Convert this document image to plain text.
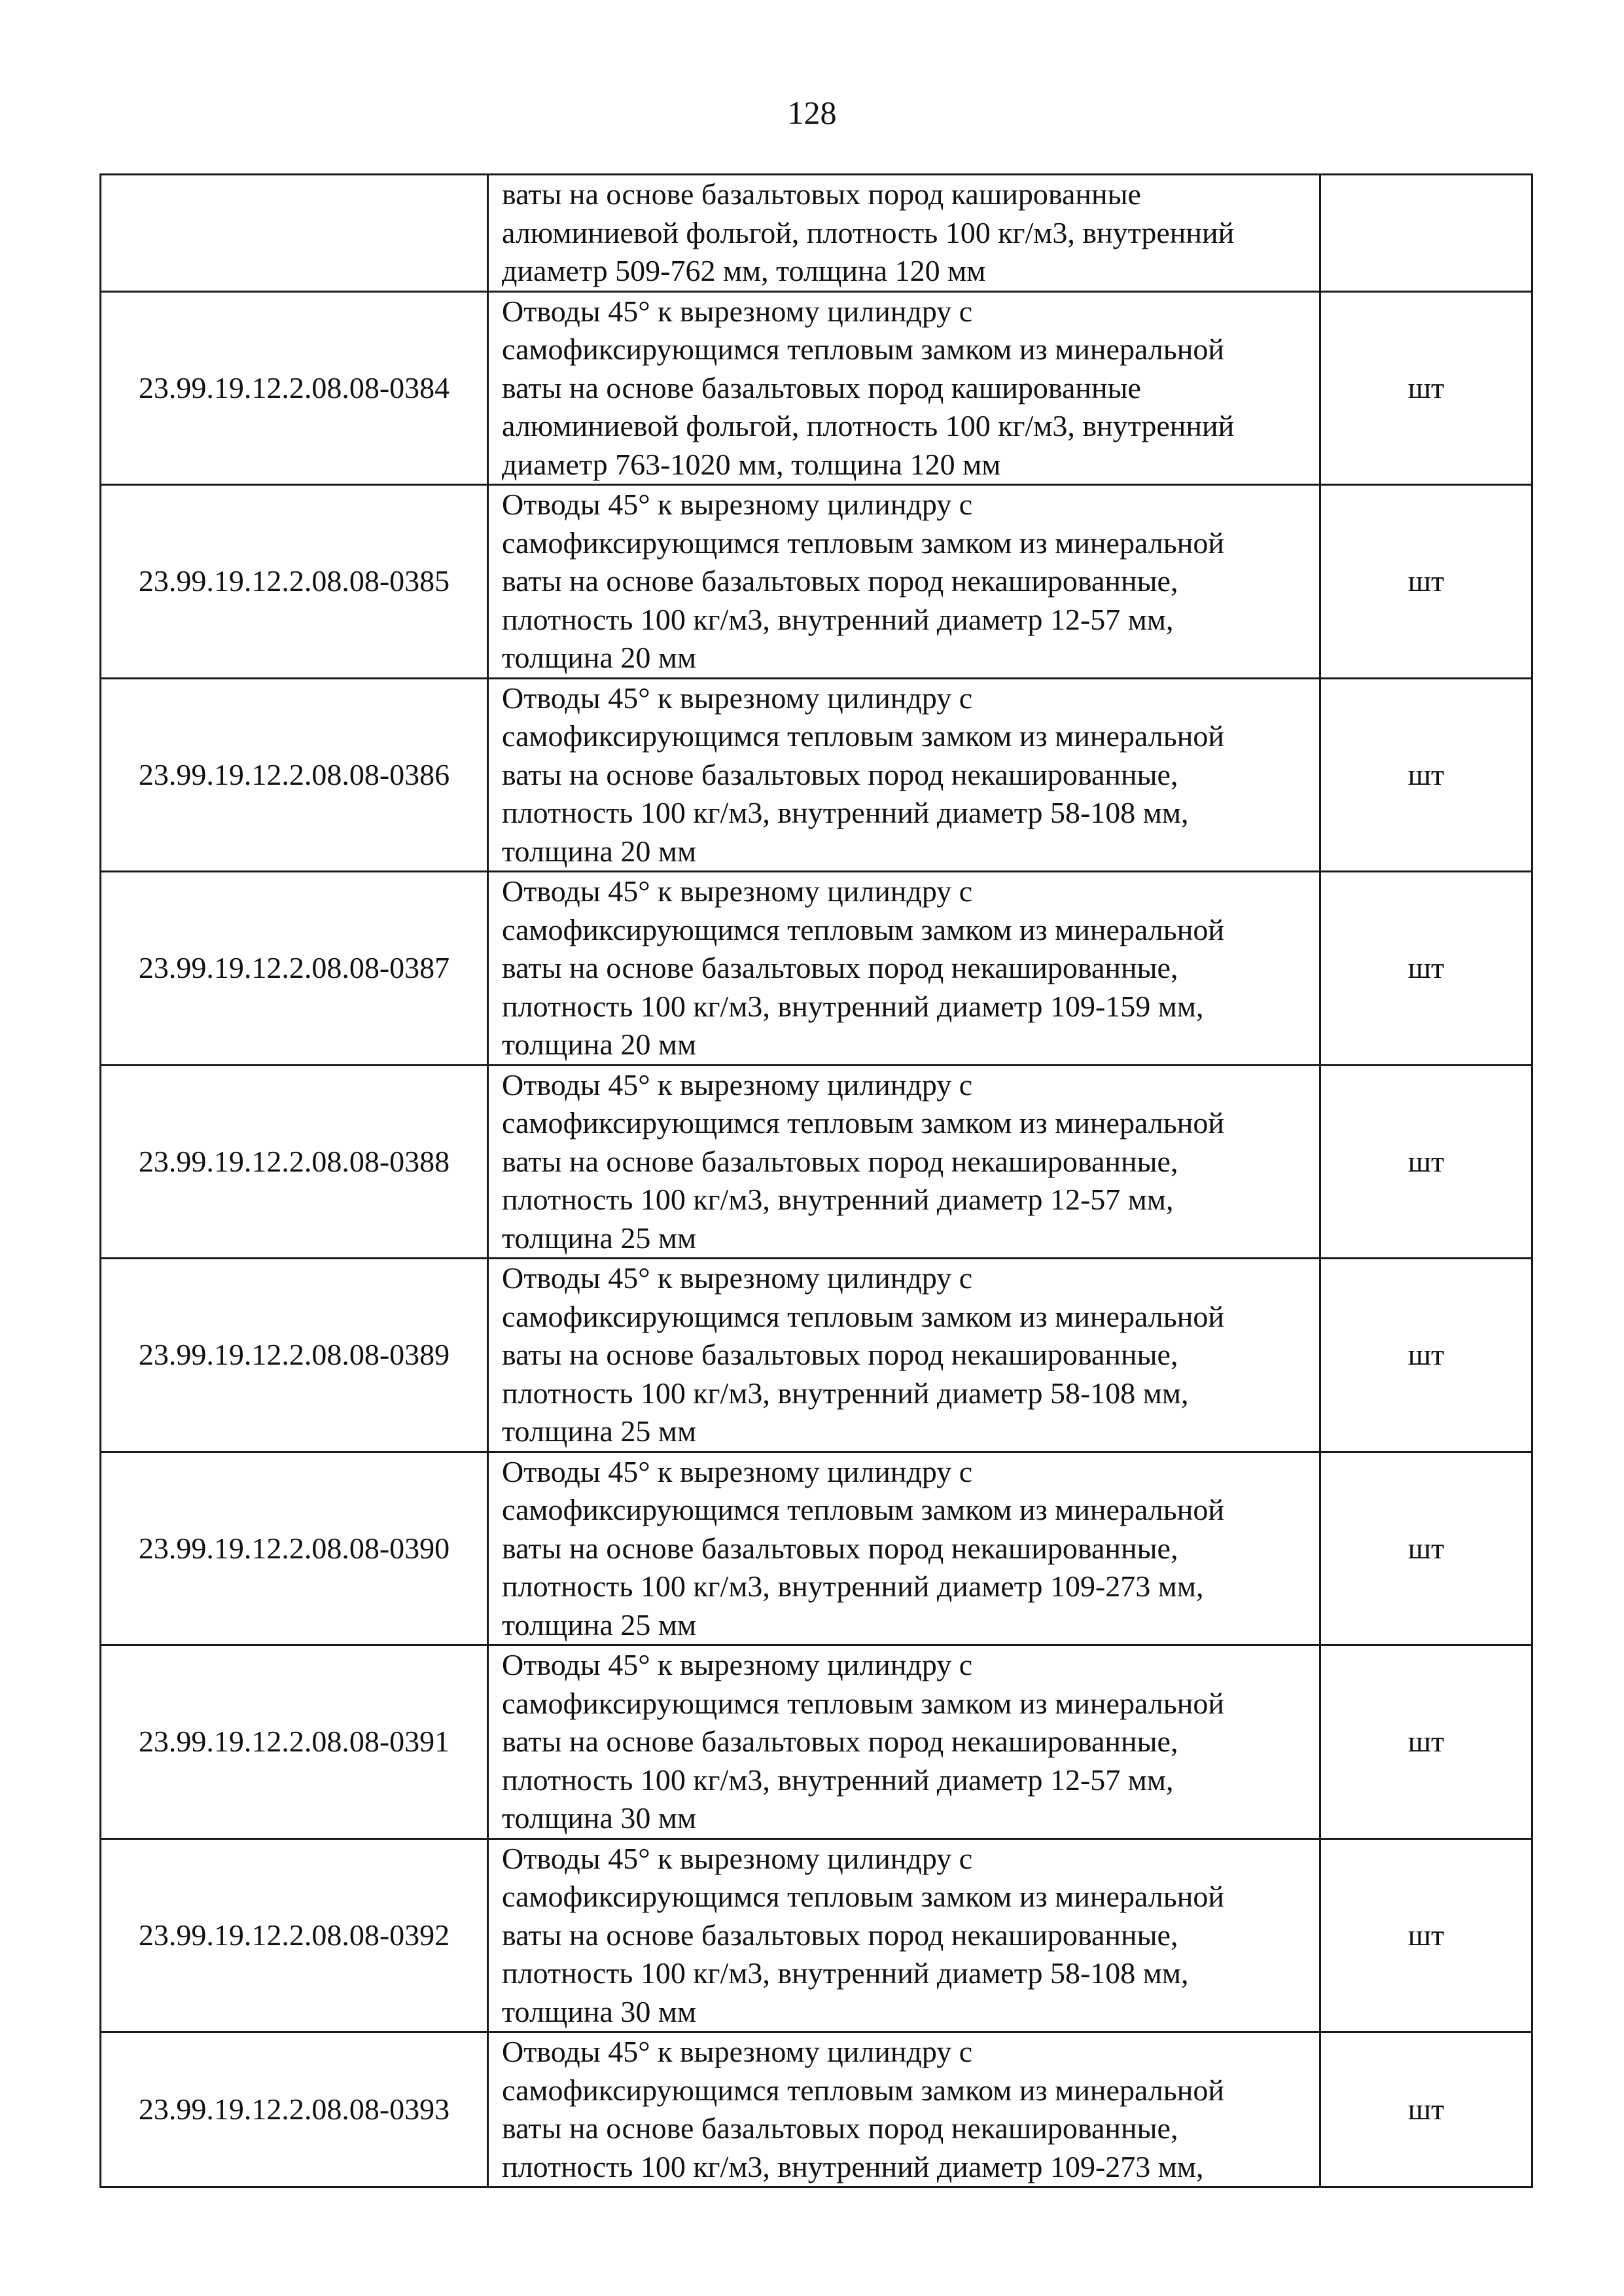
128

	ваты на основе базальтовых пород кашированные
алюминиевой фольгой, плотность 100 кг/м3, внутренний
диаметр 509-762 мм, толщина 120 мм	

23.99.19.12.2.08.08-0384	Отводы 45° к вырезному цилиндру с
самофиксирующимся тепловым замком из минеральной
ваты на основе базальтовых пород кашированные
алюминиевой фольгой, плотность 100 кг/м3, внутренний
диаметр 763-1020 мм, толщина 120 мм	шт
23.99.19.12.2.08.08-0385	Отводы 45° к вырезному цилиндру с
самофиксирующимся тепловым замком из минеральной
ваты на основе базальтовых пород некашированные,
плотность 100 кг/м3, внутренний диаметр 12-57 мм,
толщина 20 мм	шт
23.99.19.12.2.08.08-0386	Отводы 45° к вырезному цилиндру с
самофиксирующимся тепловым замком из минеральной
ваты на основе базальтовых пород некашированные,
плотность 100 кг/м3, внутренний диаметр 58-108 мм,
толщина 20 мм	шт
23.99.19.12.2.08.08-0387	Отводы 45° к вырезному цилиндру с
самофиксирующимся тепловым замком из минеральной
ваты на основе базальтовых пород некашированные,
плотность 100 кг/м3, внутренний диаметр 109-159 мм,
толщина 20 мм	шт
23.99.19.12.2.08.08-0388	Отводы 45° к вырезному цилиндру с
самофиксирующимся тепловым замком из минеральной
ваты на основе базальтовых пород некашированные,
плотность 100 кг/м3, внутренний диаметр 12-57 мм,
толщина 25 мм	шт
23.99.19.12.2.08.08-0389	Отводы 45° к вырезному цилиндру с
самофиксирующимся тепловым замком из минеральной
ваты на основе базальтовых пород некашированные,
плотность 100 кг/м3, внутренний диаметр 58-108 мм,
толщина 25 мм	шт
23.99.19.12.2.08.08-0390	Отводы 45° к вырезному цилиндру с
самофиксирующимся тепловым замком из минеральной
ваты на основе базальтовых пород некашированные,
плотность 100 кг/м3, внутренний диаметр 109-273 мм,
толщина 25 мм	шт
23.99.19.12.2.08.08-0391	Отводы 45° к вырезному цилиндру с
самофиксирующимся тепловым замком из минеральной
ваты на основе базальтовых пород некашированные,
плотность 100 кг/м3, внутренний диаметр 12-57 мм,
толщина 30 мм	шт
23.99.19.12.2.08.08-0392	Отводы 45° к вырезному цилиндру с
самофиксирующимся тепловым замком из минеральной
ваты на основе базальтовых пород некашированные,
плотность 100 кг/м3, внутренний диаметр 58-108 мм,
толщина 30 мм	шт
23.99.19.12.2.08.08-0393	Отводы 45° к вырезному цилиндру с
самофиксирующимся тепловым замком из минеральной
ваты на основе базальтовых пород некашированные,
плотность 100 кг/м3, внутренний диаметр 109-273 мм,	шт
